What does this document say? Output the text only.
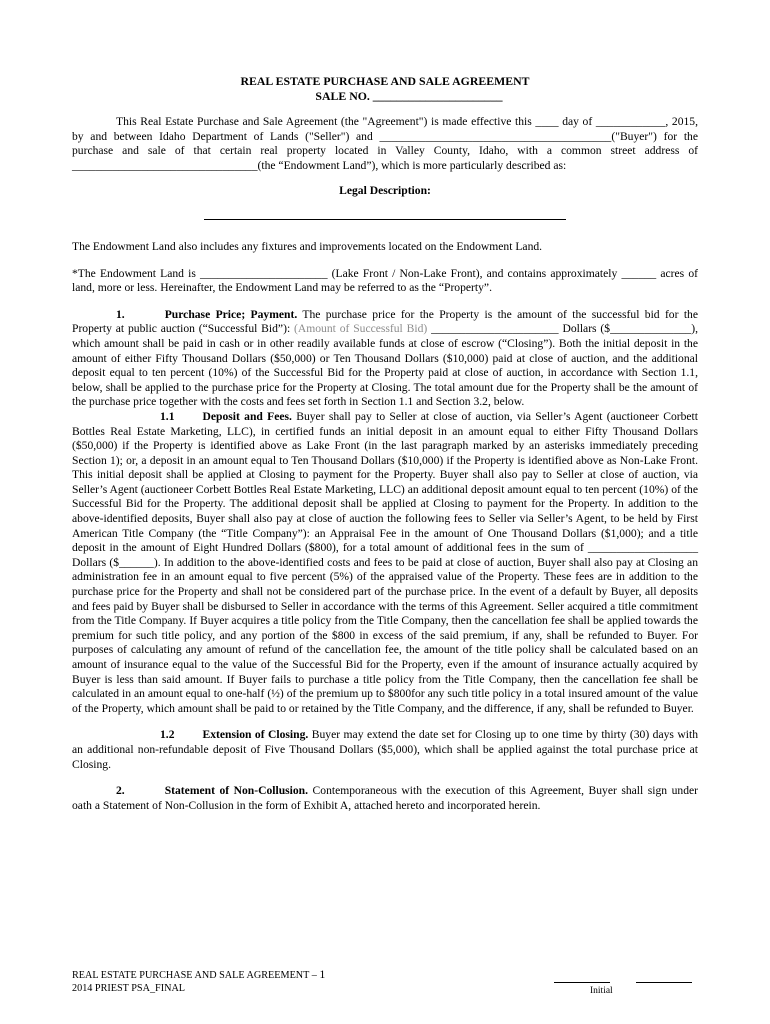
REAL ESTATE PURCHASE AND SALE AGREEMENT
SALE NO. ______________________

This Real Estate Purchase and Sale Agreement (the "Agreement") is made effective this ____ day of ____________, 2015, by and between Idaho Department of Lands ("Seller") and ________________________________________("Buyer") for the purchase and sale of that certain real property located in Valley County, Idaho, with a common street address of ________________________________(the “Endowment Land”), which is more particularly described as:

Legal Description:

The Endowment Land also includes any fixtures and improvements located on the Endowment Land.

*The Endowment Land is ______________________ (Lake Front / Non-Lake Front), and contains approximately ______ acres of land, more or less. Hereinafter, the Endowment Land may be referred to as the “Property”.

1.	Purchase Price; Payment. The purchase price for the Property is the amount of the successful bid for the Property at public auction (“Successful Bid”): (Amount of Successful Bid) ______________________ Dollars ($______________), which amount shall be paid in cash or in other readily available funds at close of escrow (“Closing”). Both the initial deposit in the amount of either Fifty Thousand Dollars ($50,000) or Ten Thousand Dollars ($10,000) paid at close of auction, and the additional deposit equal to ten percent (10%) of the Successful Bid for the Property paid at close of auction, in accordance with Section 1.1, below, shall be applied to the purchase price for the Property at Closing. The total amount due for the Property shall be the amount of the purchase price together with the costs and fees set forth in Section 1.1 and Section 3.2, below.

1.1 Deposit and Fees. Buyer shall pay to Seller at close of auction, via Seller’s Agent (auctioneer Corbett Bottles Real Estate Marketing, LLC), in certified funds an initial deposit in an amount equal to either Fifty Thousand Dollars ($50,000) if the Property is identified above as Lake Front (in the last paragraph marked by an asterisks immediately preceding Section 1); or, a deposit in an amount equal to Ten Thousand Dollars ($10,000) if the Property is identified above as Non-Lake Front. This initial deposit shall be applied at Closing to payment for the Property. Buyer shall also pay to Seller at close of auction, via Seller’s Agent (auctioneer Corbett Bottles Real Estate Marketing, LLC) an additional deposit amount equal to ten percent (10%) of the Successful Bid for the Property. The additional deposit shall be applied at Closing to payment for the Property. In addition to the above-identified deposits, Buyer shall also pay at close of auction the following fees to Seller via Seller’s Agent, to be held by First American Title Company (the “Title Company”): an Appraisal Fee in the amount of One Thousand Dollars ($1,000); and a title deposit in the amount of Eight Hundred Dollars ($800), for a total amount of additional fees in the sum of ___________________ Dollars ($______). In addition to the above-identified costs and fees to be paid at close of auction, Buyer shall also pay at Closing an administration fee in an amount equal to five percent (5%) of the appraised value of the Property. These fees are in addition to the purchase price for the Property and shall not be considered part of the purchase price. In the event of a default by Buyer, all deposits and fees paid by Buyer shall be disbursed to Seller in accordance with the terms of this Agreement. Seller acquired a title commitment from the Title Company. If Buyer acquires a title policy from the Title Company, then the cancellation fee shall be applied towards the premium for such title policy, and any portion of the $800 in excess of the said premium, if any, shall be refunded to Buyer. For purposes of calculating any amount of refund of the cancellation fee, the amount of the title policy shall be calculated based on an amount of insurance equal to the value of the Successful Bid for the Property, even if the amount of insurance actually acquired by Buyer is less than said amount. If Buyer fails to purchase a title policy from the Title Company, then the cancellation fee shall be calculated in an amount equal to one-half (½) of the premium up to $800for any such title policy in a total insured amount of the value of the Property, which amount shall be paid to or retained by the Title Company, and the difference, if any, shall be refunded to Buyer.

1.2 Extension of Closing. Buyer may extend the date set for Closing up to one time by thirty (30) days with an additional non-refundable deposit of Five Thousand Dollars ($5,000), which shall be applied against the total purchase price at Closing.

2.	Statement of Non-Collusion. Contemporaneous with the execution of this Agreement, Buyer shall sign under oath a Statement of Non-Collusion in the form of Exhibit A, attached hereto and incorporated herein.

REAL ESTATE PURCHASE AND SALE AGREEMENT – 1
2014 PRIEST PSA_FINAL	Initial
